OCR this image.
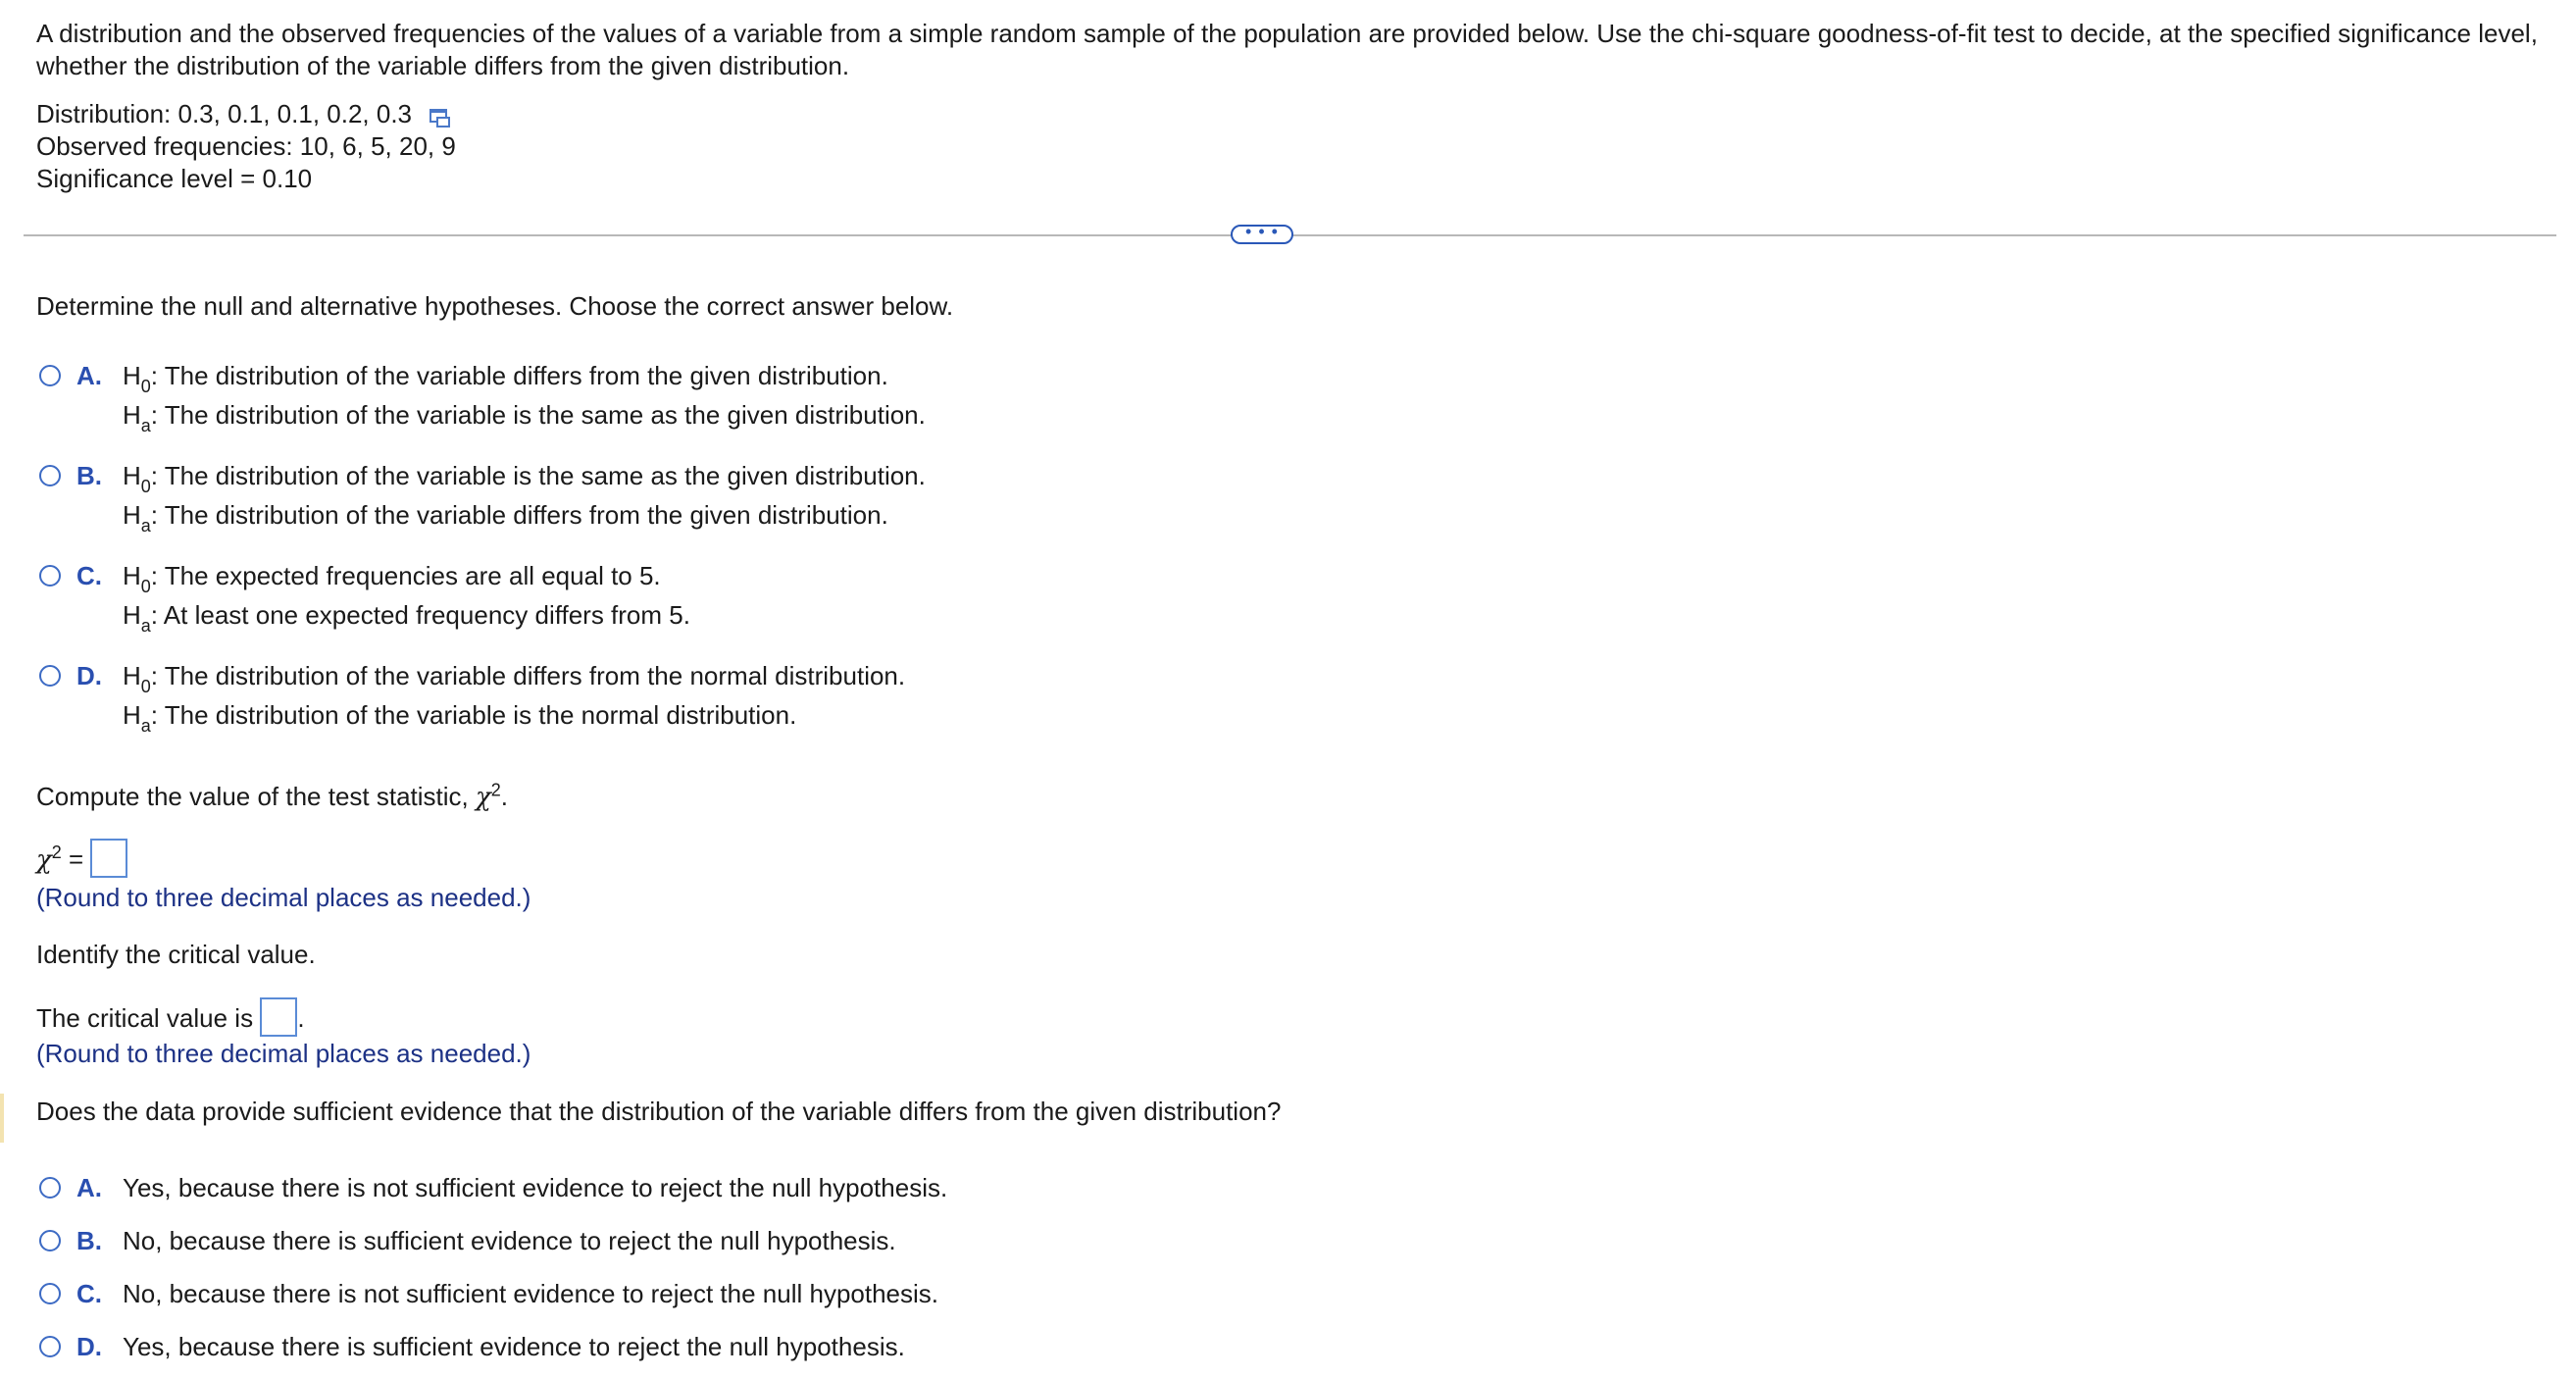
A distribution and the observed frequencies of the values of a variable from a simple random sample of the population are provided below. Use the chi-square goodness-of-fit test to decide, at the specified significance level, whether the distribution of the variable differs from the given distribution.
Distribution: 0.3, 0.1, 0.1, 0.2, 0.3
Observed frequencies: 10, 6, 5, 20, 9
Significance level = 0.10
• • •
Determine the null and alternative hypotheses. Choose the correct answer below.
A. $H_0$: The distribution of the variable differs from the given distribution.
$H_a$: The distribution of the variable is the same as the given distribution.
B. $H_0$: The distribution of the variable is the same as the given distribution.
$H_a$: The distribution of the variable differs from the given distribution.
C. $H_0$: The expected frequencies are all equal to 5.
$H_a$: At least one expected frequency differs from 5.
D. $H_0$: The distribution of the variable differs from the normal distribution.
$H_a$: The distribution of the variable is the normal distribution.
Compute the value of the test statistic, $\chi^2$.
$\chi^2$ =
(Round to three decimal places as needed.)
Identify the critical value.
The critical value is .
(Round to three decimal places as needed.)
Does the data provide sufficient evidence that the distribution of the variable differs from the given distribution?
A. Yes, because there is not sufficient evidence to reject the null hypothesis.
B. No, because there is sufficient evidence to reject the null hypothesis.
C. No, because there is not sufficient evidence to reject the null hypothesis.
D. Yes, because there is sufficient evidence to reject the null hypothesis.
